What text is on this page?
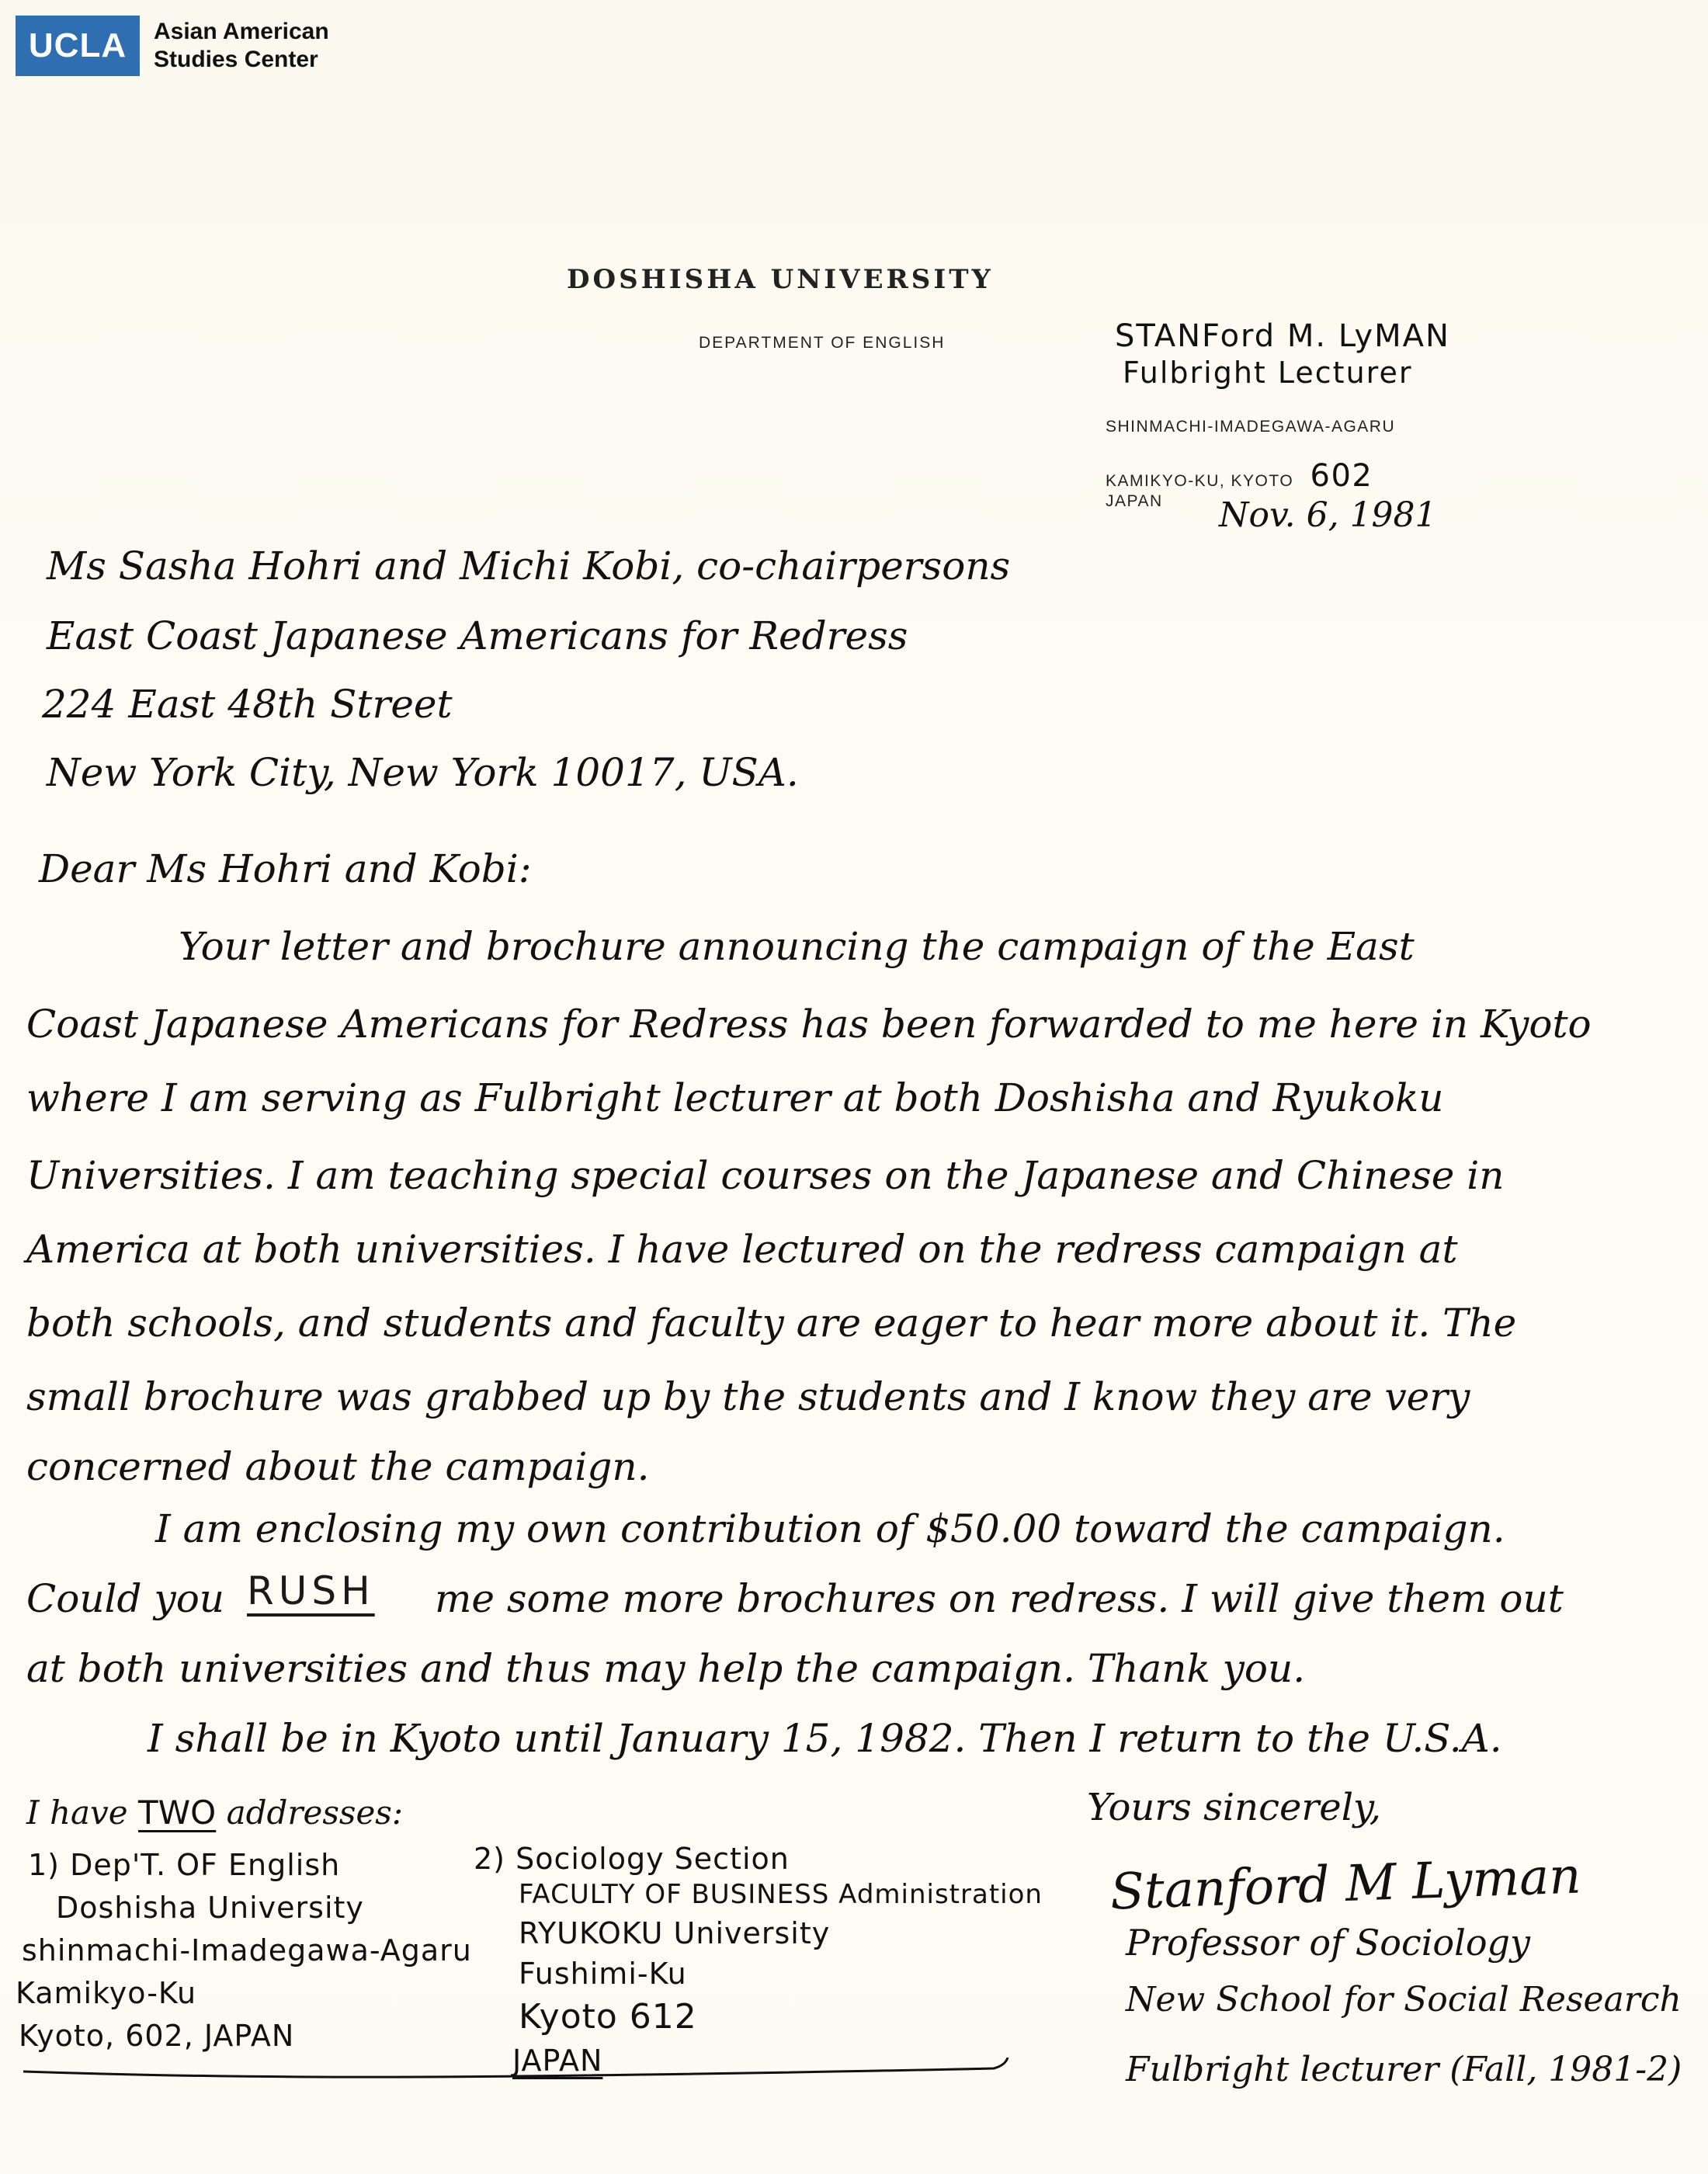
UCLA	Asian American
Studies Center
DOSHISHA UNIVERSITY
DEPARTMENT OF ENGLISH	STANFord M. LyMAN
Fulbright Lecturer
SHINMACHI-IMADEGAWA-AGARU
KAMIKYO-KU, KYOTO 602
JAPAN Nov. 6, 1981
Ms Sasha Hohri and Michi Kobi, co-chairpersons
East Coast Japanese Americans for Redress
224 East 48th Street
New York City, New York 10017, USA.
Dear Ms Hohri and Kobi:
Your letter and brochure announcing the campaign of the East
Coast Japanese Americans for Redress has been forwarded to me here in Kyoto
where I am serving as Fulbright lecturer at both Doshisha and Ryukoku
Universities. I am teaching special courses on the Japanese and Chinese in
America at both universities. I have lectured on the redress campaign at
both schools, and students and faculty are eager to hear more about it. The
small brochure was grabbed up by the students and I know they are very
concerned about the campaign.
I am enclosing my own contribution of $50.00 toward the campaign.
Could you RUSH me some more brochures on redress. I will give them out
at both universities and thus may help the campaign. Thank you.
I shall be in Kyoto until January 15, 1982. Then I return to the U.S.A.
I have TWO addresses:
1) Dep'T. OF English
Doshisha University
shinmachi-Imadegawa-Agaru
Kamikyo-Ku
Kyoto, 602, JAPAN
2) Sociology Section
FACULTY OF BUSINESS Administration
RYUKOKU University
Fushimi-Ku
Kyoto 612
JAPAN
Yours sincerely,
Stanford M Lyman
Professor of Sociology
New School for Social Research
Fulbright lecturer (Fall, 1981-2)
